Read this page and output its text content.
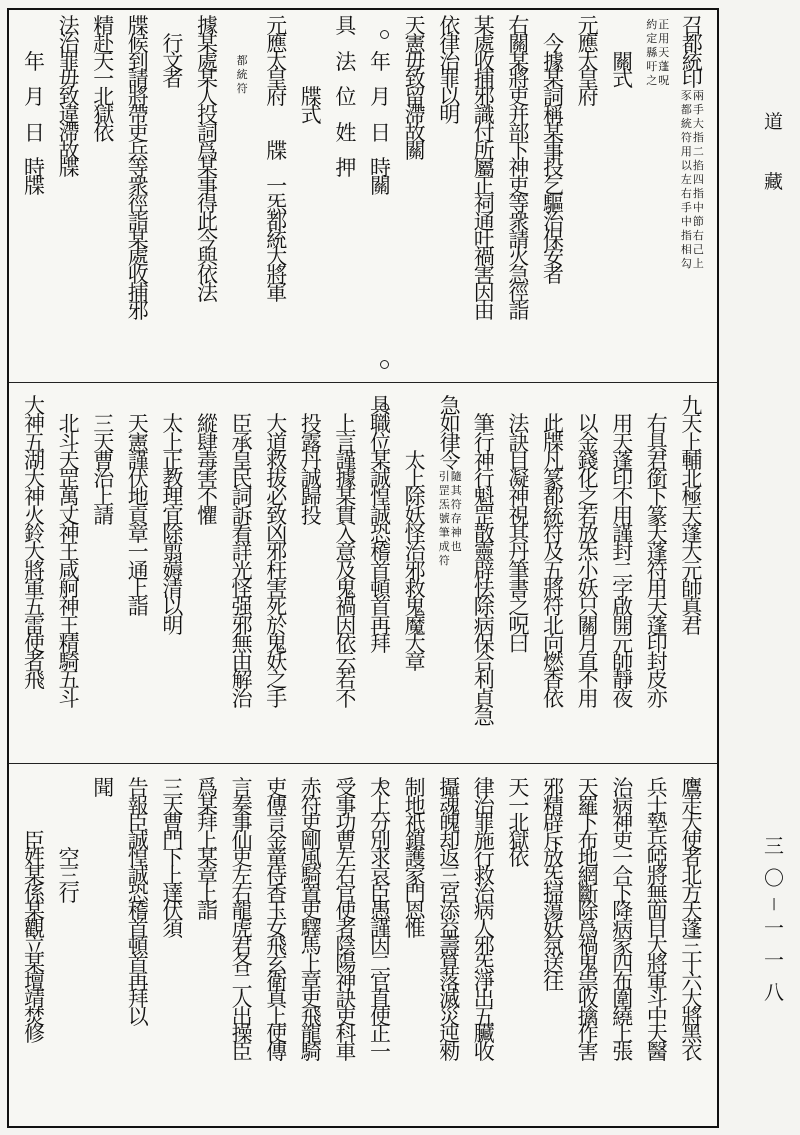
召
都
統
印
兩
手
大
指
二
掐
四
指
中
節
右
己
上
豕
都
統
符
用
以
左
右
手
中
指
相
勾
正
用
天
蓬
呪
約
定
縣
吁
之

關
式
元
應
太
皇
府

今
據
某
詞
稱
某
事
投
乞
驅
治
保
安
者
右
關
某
將
吏
并
部
下
神
吏
等
衆
請
火
急
徑
詣
某
處
收
捕
邪
識
付
所
屬
正
祠
通
吐
禍
害
因
由
依
律
治
罪
以
明
天
憲
毋
致
留
滯
故
關

年

月

日

時
關
具

法

位

姓

押

牒
式
元
應
太
皇
府

牒

一
炁
都
統
大
將
軍

都
統
符
據
某
處
某
人
投
詞
爲
某
事
得
此
今
與
依
法

行
文
者
牒
候
到
請
將
帶
吏
兵
等
衆
徑
詣
某
處
收
捕
邪
精
赴
天
一
北
獄
依
法
治
罪
毋
致
違
滯
故
牒

年

月

日

時
牒
九
天
上
輔
北
極
天
蓬
大
元
帥
真
君

右
具
君
銜
下
篆
天
蓬
符
用
天
蓬
印
封
皮
亦

用
天
蓬
印
不
用
謹
封
二
字
啟
開
元
帥
靜
夜

以
金
錢
化
之
若
放
炁
小
妖
只
關
月
直
不
用

此
牒
凡
篆
都
統
符
及
五
將
符
北
向
燃
香
依

法
訣
目
凝
神
視
其
丹
筆
書
之
呪
曰

筆
行
神
行
魁
罡
散
靈
辟
怯
除
病
保
合
利
貞
急
急
如
律
令
隨
其
符
存
神
也
引
罡
炁
號
筆
成
符

太
上
除
妖
怪
治
邪
救
鬼
魔
大
章
具
職
位
某
誠
惶
誠
恐
稽
首
頓
首
再
拜

上
言
謹
據
某
貫
入
意
及
鬼
禍
因
依
云
若
不

投
露
丹
誠
歸
投

大
道
救
拔
必
致
凶
邪
枉
害
死
於
鬼
妖
之
手

臣
承
皇
民
詞
訴
看
詳
光
怪
强
邪
無
由
解
治

縱
肆
毒
害
不
懼

太
上
正
教
理
宜
除
翦
薅
清
以
明

天
憲
謹
伏
地
貢
章
一
通
上
詣

三
天
曹
治
上
請

北
斗
天
罡
萬
丈
神
王
咸
舸
神
王
精
騎
五
斗
大
神
五
湖
大
神
火
鈴
大
將
軍
五
雷
使
者
飛
鷹
走
大
使
者
北
方
天
蓬
三
十
六
大
將
黑
衣
兵
士
墊
兵
啞
將
無
面
目
大
將
軍
斗
中
天
醫
治
病
神
吏
一
合
下
降
病
家
四
布
圍
繞
上
張
天
羅
下
布
地
網
斷
除
爲
禍
鬼
祟
收
擒
作
害
邪
精
辟
斥
放
炁
掃
蕩
妖
氛
送
往
天
一
北
獄
依
律
治
罪
施
行
救
治
病
人
邪
炁
淨
出
五
臟
收
攝
魂
魄
却
返
三
宮
添
益
壽
算
落
滅
災
迍
勑
制
地
祇
鎮
護
家
門
恩
惟
太
上
分
別
求
哀
臣
愚
謹
因
二
官
直
使
正
一
受
事
功
曹
左
右
官
使
者
陰
陽
神
訣
吏
科
車
赤
符
吏
剛
風
騎
置
吏
驛
馬
上
章
吏
飛
龍
騎
吏
傳
言
金
童
侍
香
玉
女
飛
玄
衛
真
上
使
傳
言
奏
事
仙
吏
左
右
龍
虎
君
各
二
人
出
操
臣
爲
某
拜
上
某
章
上
詣
三
天
曹
門
下
上
達
伏
須
告
報
臣
誠
惶
誠
恐
稽
首
頓
首
再
拜
以
聞

空
三
行

臣
姓
某
係
某
觀
立
某
壇
靖
焚
修
道
藏
三
〇
|
一
一
八
